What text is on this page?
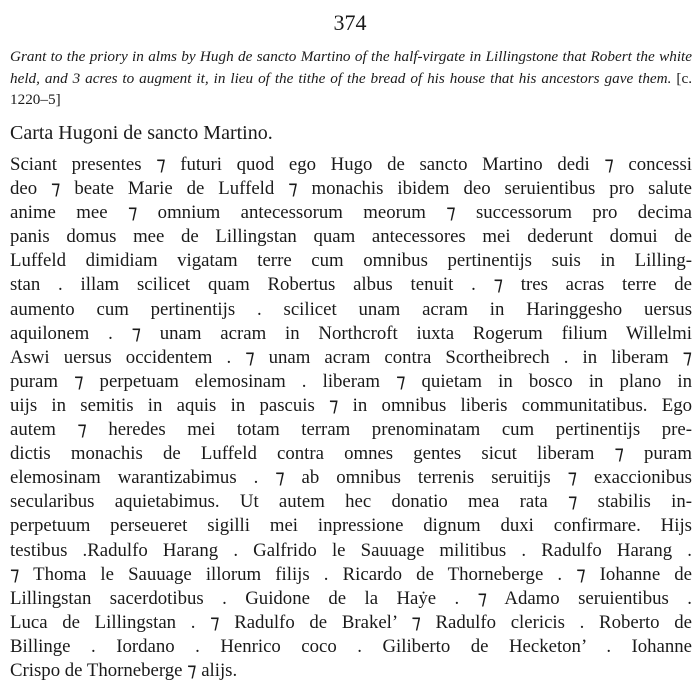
374
Grant to the priory in alms by Hugh de sancto Martino of the half-virgate in Lillingstone that Robert the white held, and 3 acres to augment it, in lieu of the tithe of the bread of his house that his ancestors gave them. [c. 1220–5]
Carta Hugoni de sancto Martino.
Sciant presentes ⁊ futuri quod ego Hugo de sancto Martino dedi ⁊ concessi
deo ⁊ beate Marie de Luffeld ⁊ monachis ibidem deo seruientibus pro salute
anime mee ⁊ omnium antecessorum meorum ⁊ successorum pro decima
panis domus mee de Lillingstan quam antecessores mei dederunt domui de
Luffeld dimidiam vigatam terre cum omnibus pertinentijs suis in Lilling-
stan . illam scilicet quam Robertus albus tenuit . ⁊ tres acras terre de
aumento cum pertinentijs . scilicet unam acram in Haringgesho uersus
aquilonem . ⁊ unam acram in Northcroft iuxta Rogerum filium Willelmi
Aswi uersus occidentem . ⁊ unam acram contra Scortheibrech . in liberam ⁊
puram ⁊ perpetuam elemosinam . liberam ⁊ quietam in bosco in plano in
uijs in semitis in aquis in pascuis ⁊ in omnibus liberis communitatibus. Ego
autem ⁊ heredes mei totam terram prenominatam cum pertinentijs pre-
dictis monachis de Luffeld contra omnes gentes sicut liberam ⁊ puram
elemosinam warantizabimus . ⁊ ab omnibus terrenis seruitijs ⁊ exaccionibus
secularibus aquietabimus. Ut autem hec donatio mea rata ⁊ stabilis in-
perpetuum perseueret sigilli mei inpressione dignum duxi confirmare. Hijs
testibus .Radulfo Harang . Galfrido le Sauuage militibus . Radulfo Harang .
⁊ Thoma le Sauuage illorum filijs . Ricardo de Thorneberge . ⁊ Iohanne de
Lillingstan sacerdotibus . Guidone de la Haẏe . ⁊ Adamo seruientibus .
Luca de Lillingstan . ⁊ Radulfo de Brakel’ ⁊ Radulfo clericis . Roberto de
Billinge . Iordano . Henrico coco . Giliberto de Hecketon’ . Iohanne
Crispo de Thorneberge ⁊ alijs.
